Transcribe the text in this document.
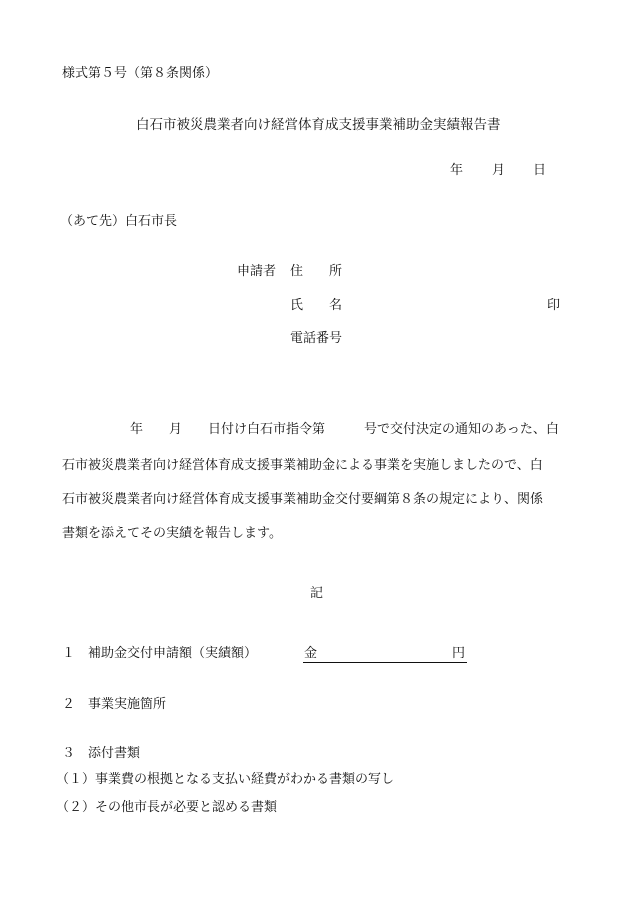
様式第５号（第８条関係）
白石市被災農業者向け経営体育成支援事業補助金実績報告書
年 月 日
（あて先）白石市長
申請者 住　　所
氏　　名	印
電話番号
年　　月　　日付け白石市指令第　　　号で交付決定の通知のあった、白
石市被災農業者向け経営体育成支援事業補助金による事業を実施しましたので、白
石市被災農業者向け経営体育成支援事業補助金交付要綱第８条の規定により、関係
書類を添えてその実績を報告します。
記
１　補助金交付申請額（実績額）	金	円
２　事業実施箇所
３　添付書類
（１）事業費の根拠となる支払い経費がわかる書類の写し
（２）その他市長が必要と認める書類
